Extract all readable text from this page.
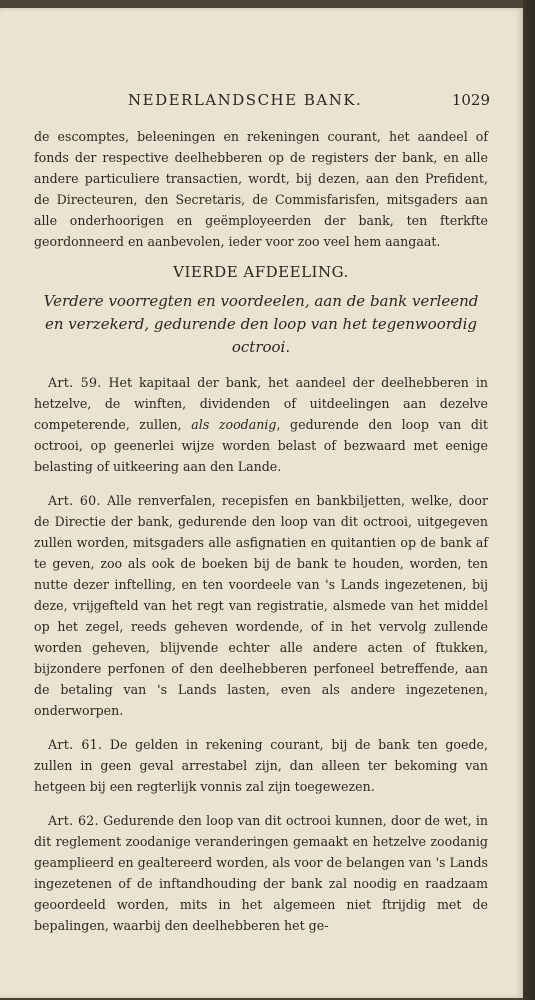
NEDERLANDSCHE BANK.	1029

de escomptes, beleeningen en rekeningen courant, het aandeel of fonds der respective deelhebberen op de registers der bank, en alle andere particuliere transactien, wordt, bij dezen, aan den Prefident, de Directeuren, den Secretaris, de Commisfarisfen, mitsgaders aan alle onderhoorigen en geëmployeerden der bank, ten fterkfte geordonneerd en aanbevolen, ieder voor zoo veel hem aangaat.

VIERDE AFDEELING.
Verdere voorregten en voordeelen, aan de bank verleend en verzekerd, gedurende den loop van het tegenwoordig octrooi.

Art. 59. Het kapitaal der bank, het aandeel der deelhebberen in hetzelve, de winften, dividenden of uitdeelingen aan dezelve competerende, zullen, als zoodanig, gedurende den loop van dit octrooi, op geenerlei wijze worden belast of bezwaard met eenige belasting of uitkeering aan den Lande.

Art. 60. Alle renverfalen, recepisfen en bankbiljetten, welke, door de Directie der bank, gedurende den loop van dit octrooi, uitgegeven zullen worden, mitsgaders alle asfignatien en quitantien op de bank af te geven, zoo als ook de boeken bij de bank te houden, worden, ten nutte dezer inftelling, en ten voordeele van 's Lands ingezetenen, bij deze, vrijgefteld van het regt van registratie, alsmede van het middel op het zegel, reeds geheven wordende, of in het vervolg zullende worden geheven, blijvende echter alle andere acten of ftukken, bijzondere perfonen of den deelhebberen perfoneel betreffende, aan de betaling van 's Lands lasten, even als andere ingezetenen, onderworpen.

Art. 61. De gelden in rekening courant, bij de bank ten goede, zullen in geen geval arrestabel zijn, dan alleen ter bekoming van hetgeen bij een regterlijk vonnis zal zijn toegewezen.

Art. 62. Gedurende den loop van dit octrooi kunnen, door de wet, in dit reglement zoodanige veranderingen gemaakt en hetzelve zoodanig geamplieerd en gealtereerd worden, als voor de belangen van 's Lands ingezetenen of de inftandhouding der bank zal noodig en raadzaam geoordeeld worden, mits in het algemeen niet ftrijdig met de bepalingen, waarbij den deelhebberen het ge-
